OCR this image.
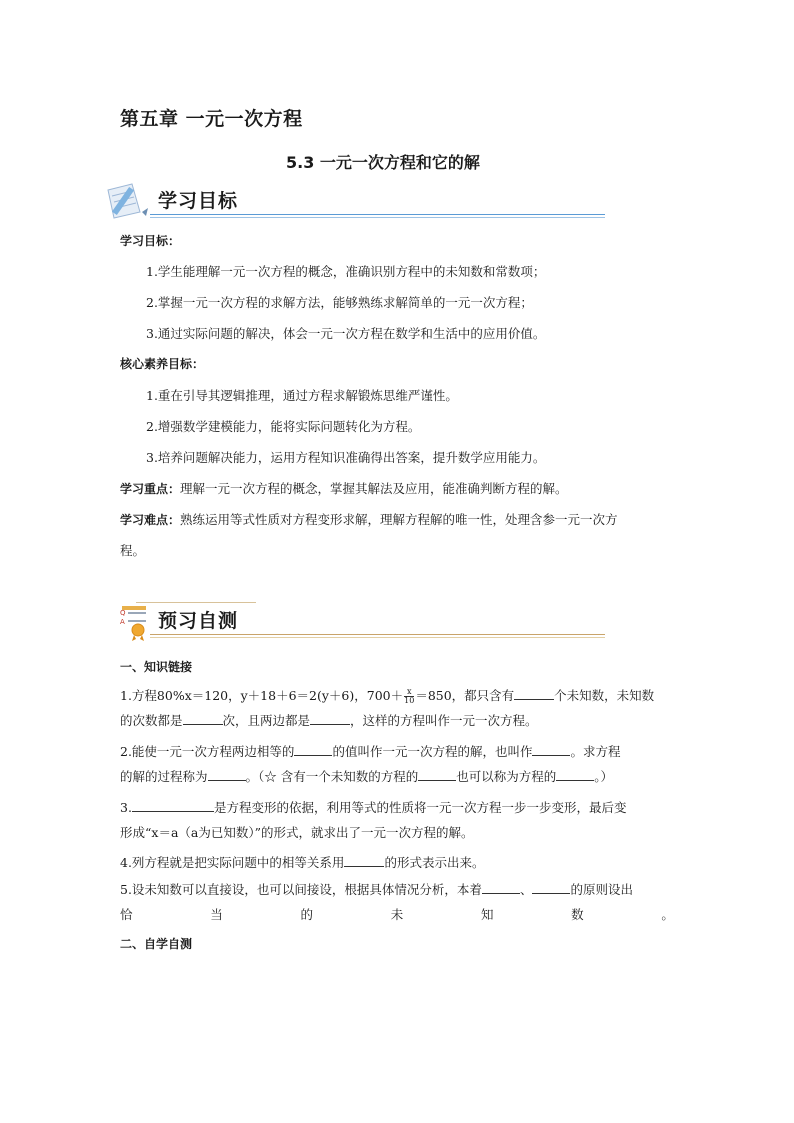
第五章 一元一次方程
5.3 一元一次方程和它的解
学习目标
学习目标：
1.学生能理解一元一次方程的概念，准确识别方程中的未知数和常数项；
2.掌握一元一次方程的求解方法，能够熟练求解简单的一元一次方程；
3.通过实际问题的解决，体会一元一次方程在数学和生活中的应用价值。
核心素养目标：
1.重在引导其逻辑推理，通过方程求解锻炼思维严谨性。
2.增强数学建模能力，能将实际问题转化为方程。
3.培养问题解决能力，运用方程知识准确得出答案，提升数学应用能力。
学习重点：理解一元一次方程的概念，掌握其解法及应用，能准确判断方程的解。
学习难点：熟练运用等式性质对方程变形求解，理解方程解的唯一性，处理含参一元一次方
程。
Q
A 预习自测
一、知识链接
1.方程80%x＝120，y＋18＋6＝2(y＋6)，$700+ \frac{x}{10} =850$，都只含有	个未知数，未知数
的次数都是	次，且两边都是	，这样的方程叫作一元一次方程。
2.能使一元一次方程两边相等的	的值叫作一元一次方程的解，也叫作	。求方程
的解的过程称为	。（☆ 含有一个未知数的方程的	也可以称为方程的	。）
3.	是方程变形的依据，利用等式的性质将一元一次方程一步一步变形，最后变
形成“x＝a（a为已知数）”的形式，就求出了一元一次方程的解。
4.列方程就是把实际问题中的相等关系用	的形式表示出来。
5.设未知数可以直接设，也可以间接设，根据具体情况分析，本着	、	的原则设出
恰	当	的	未	知	数	。
二、自学自测
